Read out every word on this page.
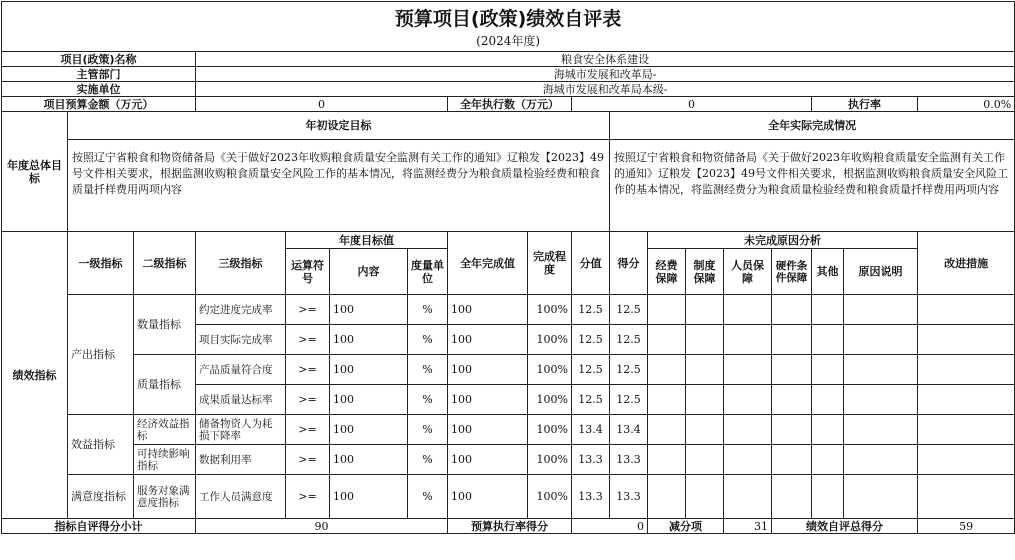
预算项目(政策)绩效自评表																	
(2024年度)																	
项目(政策)名称			粮食安全体系建设														
主管部门			海城市发展和改革局-														
实施单位			海城市发展和改革局本级-														
项目预算金额（万元）			0				全年执行数（万元）		0						执行率		0.0%
年度总体目标	年初设定目标									全年实际完成情况							
	按照辽宁省粮食和物资储备局《关于做好2023年收购粮食质量安全监测有关工作的通知》辽粮发【2023】49号文件相关要求，根据监测收购粮食质量安全风险工作的基本情况，将监测经费分为粮食质量检验经费和粮食质量扦样费用两项内容									按照辽宁省粮食和物资储备局《关于做好2023年收购粮食质量安全监测有关工作的通知》辽粮发【2023】49号文件相关要求，根据监测收购粮食质量安全风险工作的基本情况，将监测经费分为粮食质量检验经费和粮食质量扦样费用两项内容							
绩效指标	一级指标	二级指标	三级指标	年度目标值			全年完成值	完成程度	分值	得分	未完成原因分析						改进措施
				运算符号	内容	度量单位					经费保障	制度保障	人员保障	硬件条件保障	其他	原因说明	
	产出指标	数量指标	约定进度完成率	>=	100	%	100	100%	12.5	12.5							
			项目实际完成率	>=	100	%	100	100%	12.5	12.5							
		质量指标	产品质量符合度	>=	100	%	100	100%	12.5	12.5							
			成果质量达标率	>=	100	%	100	100%	12.5	12.5							
	效益指标	经济效益指标	储备物资人为耗损下降率	>=	100	%	100	100%	13.4	13.4							
		可持续影响指标	数据利用率	>=	100	%	100	100%	13.3	13.3							
	满意度指标	服务对象满意度指标	工作人员满意度	>=	100	%	100	100%	13.3	13.3							
指标自评得分小计			90				预算执行率得分		0		减分项		31	绩效自评总得分			59
